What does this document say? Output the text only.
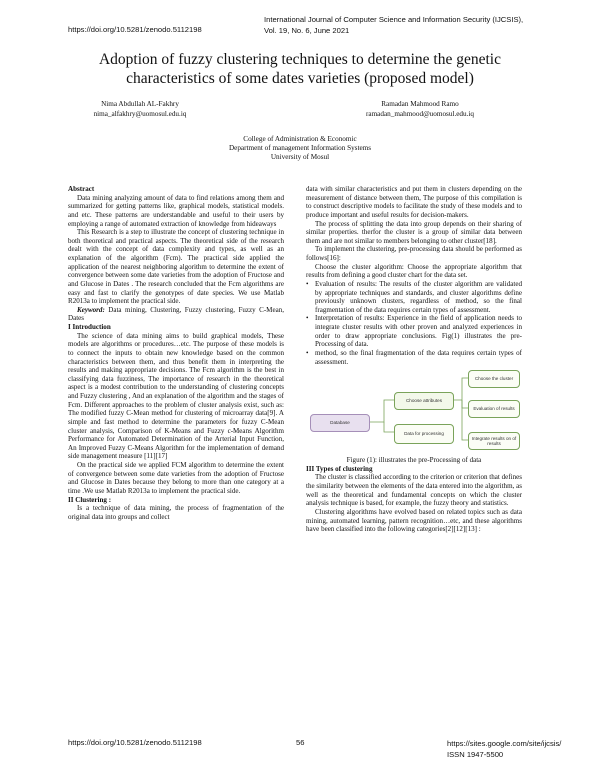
https://doi.org/10.5281/zenodo.5112198
International Journal of Computer Science and Information Security (IJCSIS),
Vol. 19, No. 6, June 2021
Adoption of fuzzy clustering techniques to determine the genetic
characteristics of some dates varieties (proposed model)
Nima Abdullah AL-Fakhry
nima_alfakhry@uomosul.edu.iq
Ramadan Mahmood Ramo
ramadan_mahmood@uomosul.edu.iq
College of Administration & Economic
Department of management Information Systems
University of Mosul

Abstract

Data mining analyzing amount of data to find relations among them and summarized for getting patterns like, graphical models, statistical models. and etc. These patterns are understandable and useful to their users by employing a range of automated extraction of knowledge from hideaways

This Research is a step to illustrate the concept of clustering technique in both theoretical and practical aspects. The theoretical side of the research dealt with the concept of data complexity and types, as well as an explanation of the algorithm (Fcm). The practical side applied the application of the nearest neighboring algorithm to determine the extent of convergence between some date varieties from the adoption of Fructose and and Glucose in Dates . The research concluded that the Fcm algorithms are easy and fast to clarify the genotypes of date species. We use Matlab R2013a to implement the practical side.

Keyword: Data mining, Clustering, Fuzzy clustering, Fuzzy C-Mean, Dates

I Introduction

The science of data mining aims to build graphical models, These models are algorithms or procedures…etc. The purpose of these models is to connect the inputs to obtain new knowledge based on the common characteristics between them, and thus benefit them in interpreting the results and making appropriate decisions. The Fcm algorithm is the best in classifying data fuzziness, The importance of research in the theoretical aspect is a modest contribution to the understanding of clustering concepts and Fuzzy clustering , And an explanation of the algorithm and the stages of Fcm. Different approaches to the problem of cluster analysis exist, such as: The modified fuzzy C-Mean method for clustering of microarray data[9]. A simple and fast method to determine the parameters for fuzzy C-Mean cluster analysis, Comparison of K-Means and Fuzzy c-Means Algorithm Performance for Automated Determination of the Arterial Input Function, An Improved Fuzzy C-Means Algorithm for the implementation of demand side management measure [11][17]

On the practical side we applied FCM algorithm to determine the extent of convergence between some date varieties from the adoption of Fructose and Glucose in Dates because they belong to more than one category at a time .We use Matlab R2013a to implement the practical side.

II Clustering :

Is a technique of data mining, the process of fragmentation of the original data into groups and collect

data with similar characteristics and put them in clusters depending on the measurement of distance between them, The purpose of this compilation is to construct descriptive models to facilitate the study of these models and to produce important and useful results for decision-makers.

The process of splitting the data into group depends on their sharing of similar properties. therfor the cluster is a group of similar data between them and are not similar to members belonging to other cluster[18].

To implement the clustering, pre-processing data should be performed as follows[16]:

Choose the cluster algorithm: Choose the appropriate algorithm that results from defining a good cluster chart for the data set.

• Evaluation of results: The results of the cluster algorithm are validated by appropriate techniques and standards, and cluster algorithms define previously unknown clusters, regardless of method, so the final fragmentation of the data requires certain types of assessment.
• Interpretation of results: Experience in the field of application needs to integrate cluster results with other proven and analyzed experiences in order to draw appropriate conclusions. Fig(1) illustrates the pre-Processing of data.
• method, so the final fragmentation of the data requires certain types of assessment.
Database
Choose attributes
Data for processing
Choose the cluster
Evaluation of results
Integrate results on of results

Figure (1): illustrates the pre-Processing of data

III Types of clustering

The cluster is classified according to the criterion or criterion that defines the similarity between the elements of the data entered into the algorithm, as well as the theoretical and fundamental concepts on which the cluster analysis technique is based, for example, the fuzzy theory and statistics.

Clustering algorithms have evolved based on related topics such as data mining, automated learning, pattern recognition…etc, and these algorithms have been classified into the following categories[2][12][13] :

https://doi.org/10.5281/zenodo.5112198	56	https://sites.google.com/site/ijcsis/
ISSN 1947-5500
